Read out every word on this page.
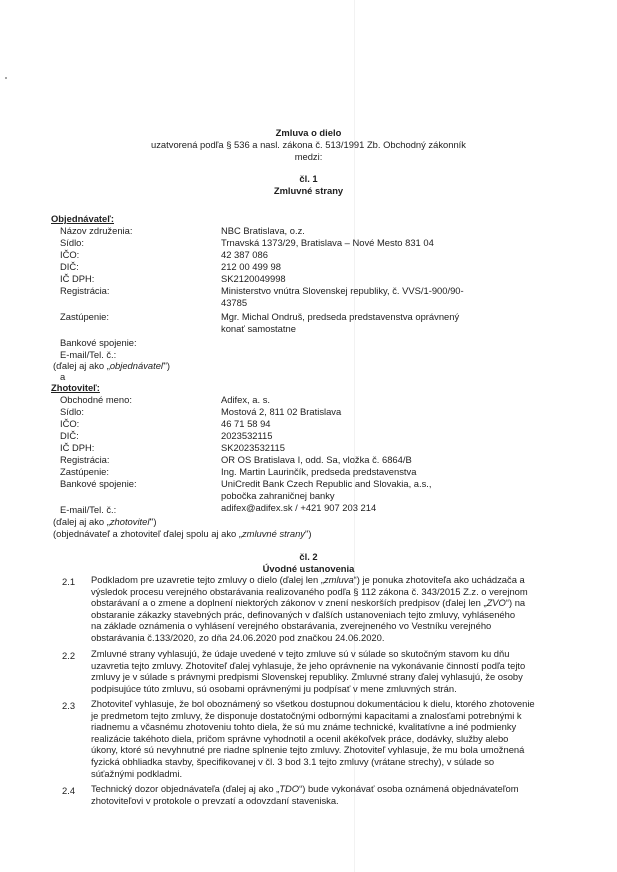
Zmluva o dielo
uzatvorená podľa § 536 a nasl. zákona č. 513/1991 Zb. Obchodný zákonník
medzi:
čl. 1
Zmluvné strany
Objednávateľ:
Názov združenia:	NBC Bratislava, o.z.
Sídlo:	Trnavská 1373/29, Bratislava – Nové Mesto 831 04
IČO:	42 387 086
DIČ:	212 00 499 98
IČ DPH:	SK2120049998
Registrácia:	Ministerstvo vnútra Slovenskej republiky, č. VVS/1-900/90-
43785
Zastúpenie:	Mgr. Michal Ondruš, predseda predstavenstva oprávnený
konať samostatne
Bankové spojenie:
E-mail/Tel. č.:
(ďalej aj ako „objednávateľ")
a
Zhotoviteľ:
Obchodné meno:	Adifex, a. s.
Sídlo:	Mostová 2, 811 02 Bratislava
IČO:	46 71 58 94
DIČ:	2023532115
IČ DPH:	SK2023532115
Registrácia:	OR OS Bratislava I, odd. Sa, vložka č. 6864/B
Zastúpenie:	Ing. Martin Laurinčík, predseda predstavenstva
Bankové spojenie:	UniCredit Bank Czech Republic and Slovakia, a.s.,
pobočka zahraničnej banky
E-mail/Tel. č.:	adifex@adifex.sk / +421 907 203 214
(ďalej aj ako „zhotoviteľ")
(objednávateľ a zhotoviteľ ďalej spolu aj ako „zmluvné strany")
čl. 2
Úvodné ustanovenia
2.1 Podkladom pre uzavretie tejto zmluvy o dielo (ďalej len „zmluva“) je ponuka zhotoviteľa ako uchádzača a
výsledok procesu verejného obstarávania realizovaného podľa § 112 zákona č. 343/2015 Z.z. o verejnom
obstarávaní a o zmene a doplnení niektorých zákonov v znení neskorších predpisov (ďalej len „ZVO“) na
obstaranie zákazky stavebných prác, definovaných v ďalších ustanoveniach tejto zmluvy, vyhláseného
na základe oznámenia o vyhlásení verejného obstarávania, zverejneného vo Vestníku verejného
obstarávania č.133/2020, zo dňa 24.06.2020 pod značkou 24.06.2020.
2.2 Zmluvné strany vyhlasujú, že údaje uvedené v tejto zmluve sú v súlade so skutočným stavom ku dňu
uzavretia tejto zmluvy. Zhotoviteľ ďalej vyhlasuje, že jeho oprávnenie na vykonávanie činností podľa tejto
zmluvy je v súlade s právnymi predpismi Slovenskej republiky. Zmluvné strany ďalej vyhlasujú, že osoby
podpisujúce túto zmluvu, sú osobami oprávnenými ju podpísať v mene zmluvných strán.
2.3 Zhotoviteľ vyhlasuje, že bol oboznámený so všetkou dostupnou dokumentáciou k dielu, ktorého zhotovenie
je predmetom tejto zmluvy, že disponuje dostatočnými odbornými kapacitami a znalosťami potrebnými k
riadnemu a včasnému zhotoveniu tohto diela, že sú mu známe technické, kvalitatívne a iné podmienky
realizácie takéhoto diela, pričom správne vyhodnotil a ocenil akékoľvek práce, dodávky, služby alebo
úkony, ktoré sú nevyhnutné pre riadne splnenie tejto zmluvy. Zhotoviteľ vyhlasuje, že mu bola umožnená
fyzická obhliadka stavby, špecifikovanej v čl. 3 bod 3.1 tejto zmluvy (vrátane strechy), v súlade so
súťažnými podkladmi.
2.4 Technický dozor objednávateľa (ďalej aj ako „TDO“) bude vykonávať osoba oznámená objednávateľom
zhotoviteľovi v protokole o prevzatí a odovzdaní staveniska.
